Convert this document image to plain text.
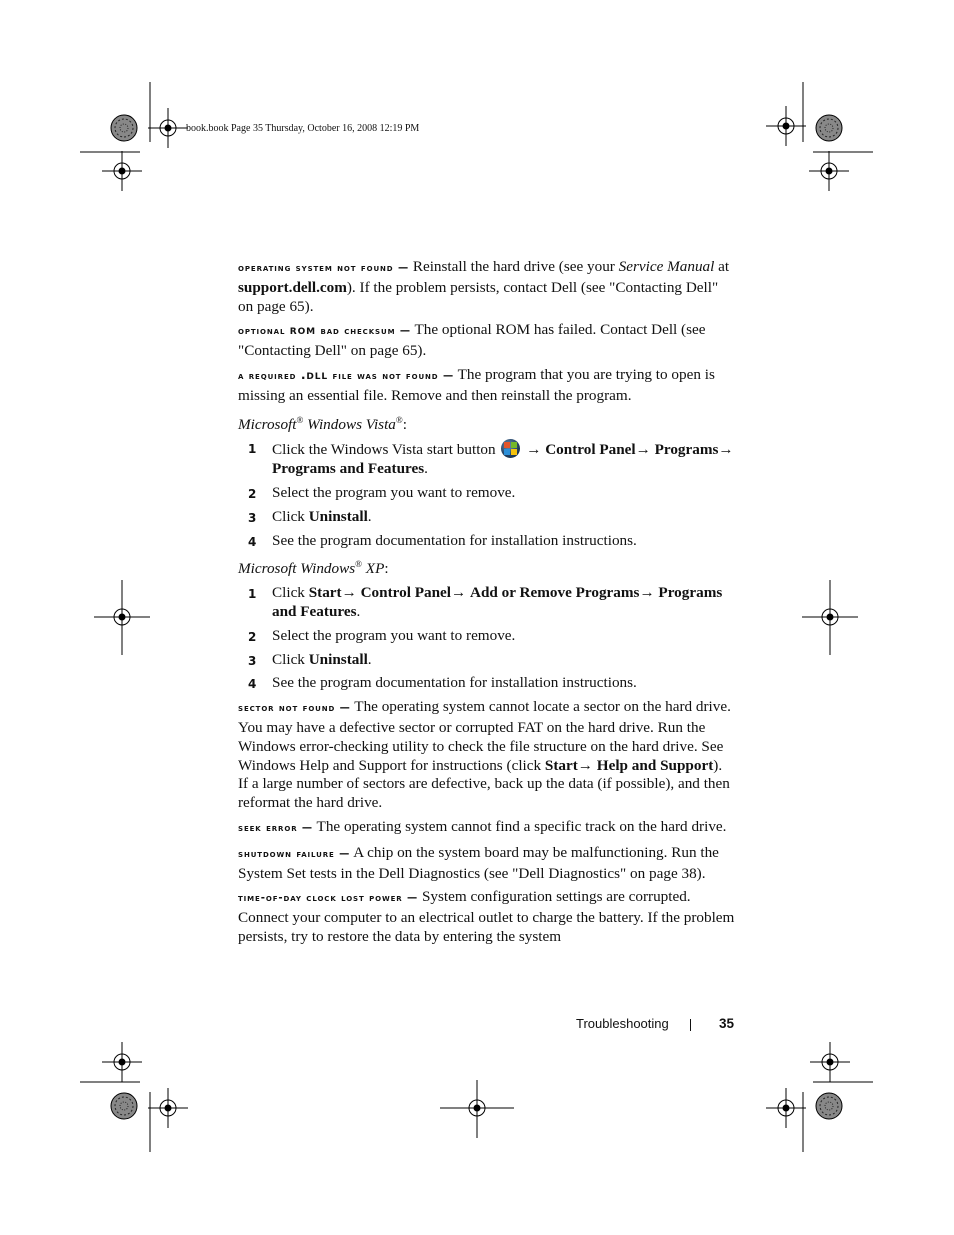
book.book Page 35 Thursday, October 16, 2008 12:19 PM

operating system not found — Reinstall the hard drive (see your Service Manual at support.dell.com). If the problem persists, contact Dell (see "Contacting Dell" on page 65).

optional rom bad checksum — The optional ROM has failed. Contact Dell (see "Contacting Dell" on page 65).

a required .dll file was not found — The program that you are trying to open is missing an essential file. Remove and then reinstall the program.

Microsoft® Windows Vista®:

1 Click the Windows Vista start button
→ Control Panel→ Programs→ Programs and Features.
2 Select the program you want to remove.
3 Click Uninstall.
4 See the program documentation for installation instructions.

Microsoft Windows® XP:

1 Click Start→ Control Panel→ Add or Remove Programs→ Programs and Features.
2 Select the program you want to remove.
3 Click Uninstall.
4 See the program documentation for installation instructions.

sector not found — The operating system cannot locate a sector on the hard drive. You may have a defective sector or corrupted FAT on the hard drive. Run the Windows error-checking utility to check the file structure on the hard drive. See Windows Help and Support for instructions (click Start→ Help and Support). If a large number of sectors are defective, back up the data (if possible), and then reformat the hard drive.

seek error — The operating system cannot find a specific track on the hard drive.

shutdown failure — A chip on the system board may be malfunctioning. Run the System Set tests in the Dell Diagnostics (see "Dell Diagnostics" on page 38).

time-of-day clock lost power — System configuration settings are corrupted. Connect your computer to an electrical outlet to charge the battery. If the problem persists, try to restore the data by entering the system

Troubleshooting	35
